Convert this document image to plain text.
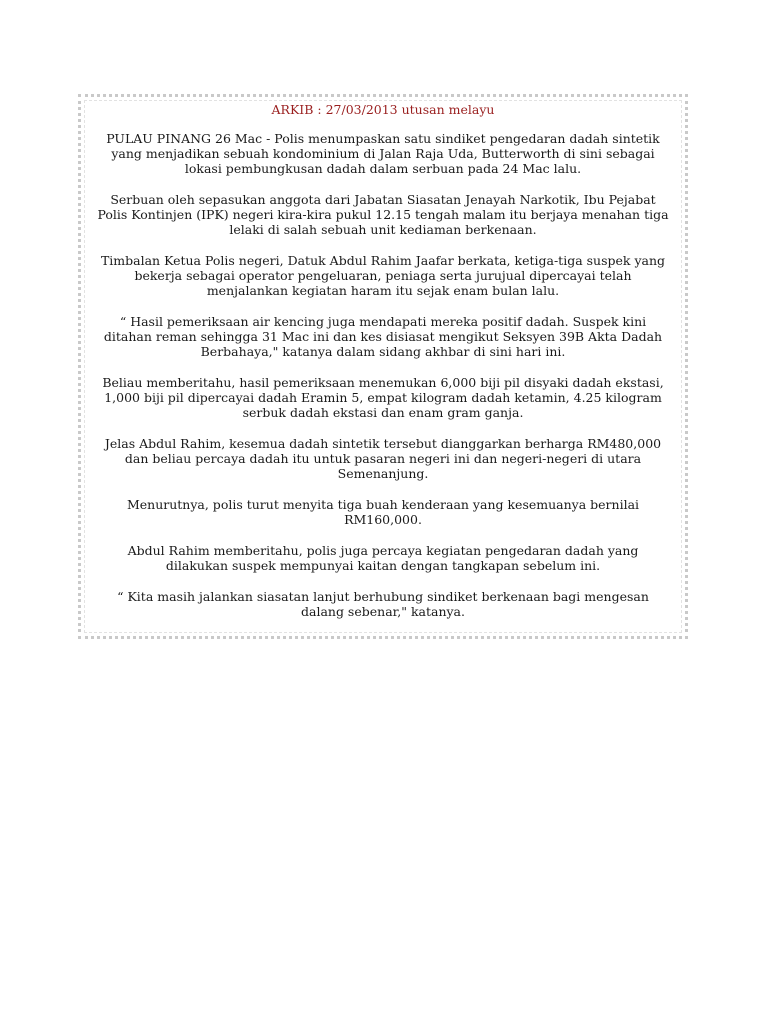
ARKIB : 27/03/2013 utusan melayu

PULAU PINANG 26 Mac - Polis menumpaskan satu sindiket pengedaran dadah sintetik yang menjadikan sebuah kondominium di Jalan Raja Uda, Butterworth di sini sebagai lokasi pembungkusan dadah dalam serbuan pada 24 Mac lalu.

Serbuan oleh sepasukan anggota dari Jabatan Siasatan Jenayah Narkotik, Ibu Pejabat Polis Kontinjen (IPK) negeri kira-kira pukul 12.15 tengah malam itu berjaya menahan tiga lelaki di salah sebuah unit kediaman berkenaan.

Timbalan Ketua Polis negeri, Datuk Abdul Rahim Jaafar berkata, ketiga-tiga suspek yang bekerja sebagai operator pengeluaran, peniaga serta jurujual dipercayai telah menjalankan kegiatan haram itu sejak enam bulan lalu.

“ Hasil pemeriksaan air kencing juga mendapati mereka positif dadah. Suspek kini ditahan reman sehingga 31 Mac ini dan kes disiasat mengikut Seksyen 39B Akta Dadah Berbahaya," katanya dalam sidang akhbar di sini hari ini.

Beliau memberitahu, hasil pemeriksaan menemukan 6,000 biji pil disyaki dadah ekstasi, 1,000 biji pil dipercayai dadah Eramin 5, empat kilogram dadah ketamin, 4.25 kilogram serbuk dadah ekstasi dan enam gram ganja.

Jelas Abdul Rahim, kesemua dadah sintetik tersebut dianggarkan berharga RM480,000 dan beliau percaya dadah itu untuk pasaran negeri ini dan negeri-negeri di utara Semenanjung.

Menurutnya, polis turut menyita tiga buah kenderaan yang kesemuanya bernilai RM160,000.

Abdul Rahim memberitahu, polis juga percaya kegiatan pengedaran dadah yang dilakukan suspek mempunyai kaitan dengan tangkapan sebelum ini.

“ Kita masih jalankan siasatan lanjut berhubung sindiket berkenaan bagi mengesan dalang sebenar," katanya.
